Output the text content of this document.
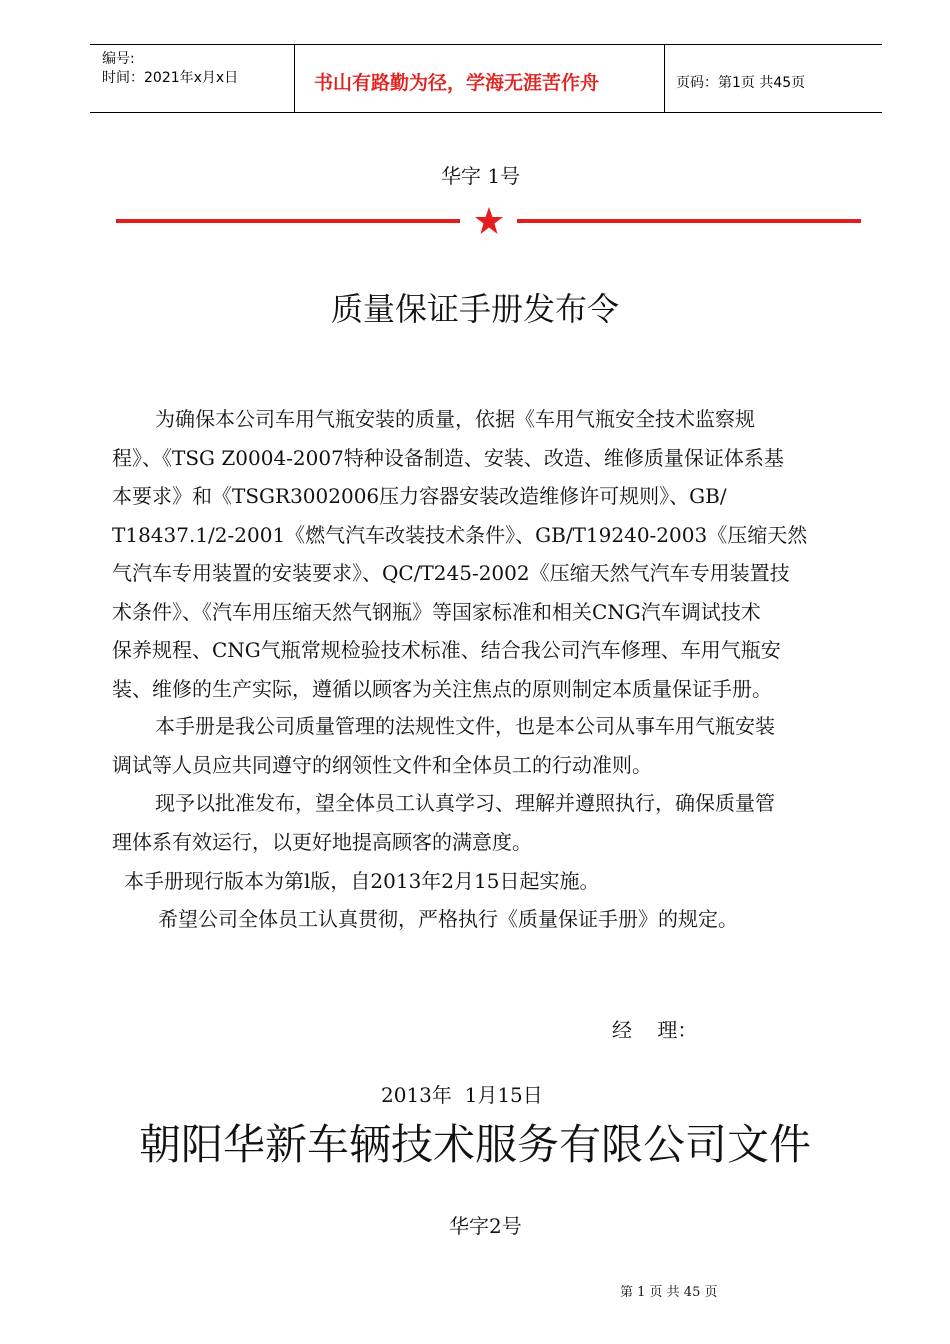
编号:
时间：2021年x月x日	书山有路勤为径，学海无涯苦作舟	页码：第1页 共45页
华字 1号
质量保证手册发布令
为确保本公司车用气瓶安装的质量，依据《车用气瓶安全技术监察规
程》、《TSG Z0004-2007特种设备制造、安装、改造、维修质量保证体系基
本要求》和《TSGR3002006压力容器安装改造维修许可规则》、GB/
T18437.1/2-2001《燃气汽车改装技术条件》、GB/T19240-2003《压缩天然
气汽车专用装置的安装要求》、QC/T245-2002《压缩天然气汽车专用装置技
术条件》、《汽车用压缩天然气钢瓶》等国家标准和相关CNG汽车调试技术
保养规程、CNG气瓶常规检验技术标准、结合我公司汽车修理、车用气瓶安
装、维修的生产实际，遵循以顾客为关注焦点的原则制定本质量保证手册。
本手册是我公司质量管理的法规性文件，也是本公司从事车用气瓶安装
调试等人员应共同遵守的纲领性文件和全体员工的行动准则。
现予以批准发布，望全体员工认真学习、理解并遵照执行，确保质量管
理体系有效运行，以更好地提高顾客的满意度。
本手册现行版本为第l版，自2013年2月15日起实施。
希望公司全体员工认真贯彻，严格执行《质量保证手册》的规定。
经    理：
2013年  1月15日
朝阳华新车辆技术服务有限公司文件
华字2号
第 1 页 共 45 页
